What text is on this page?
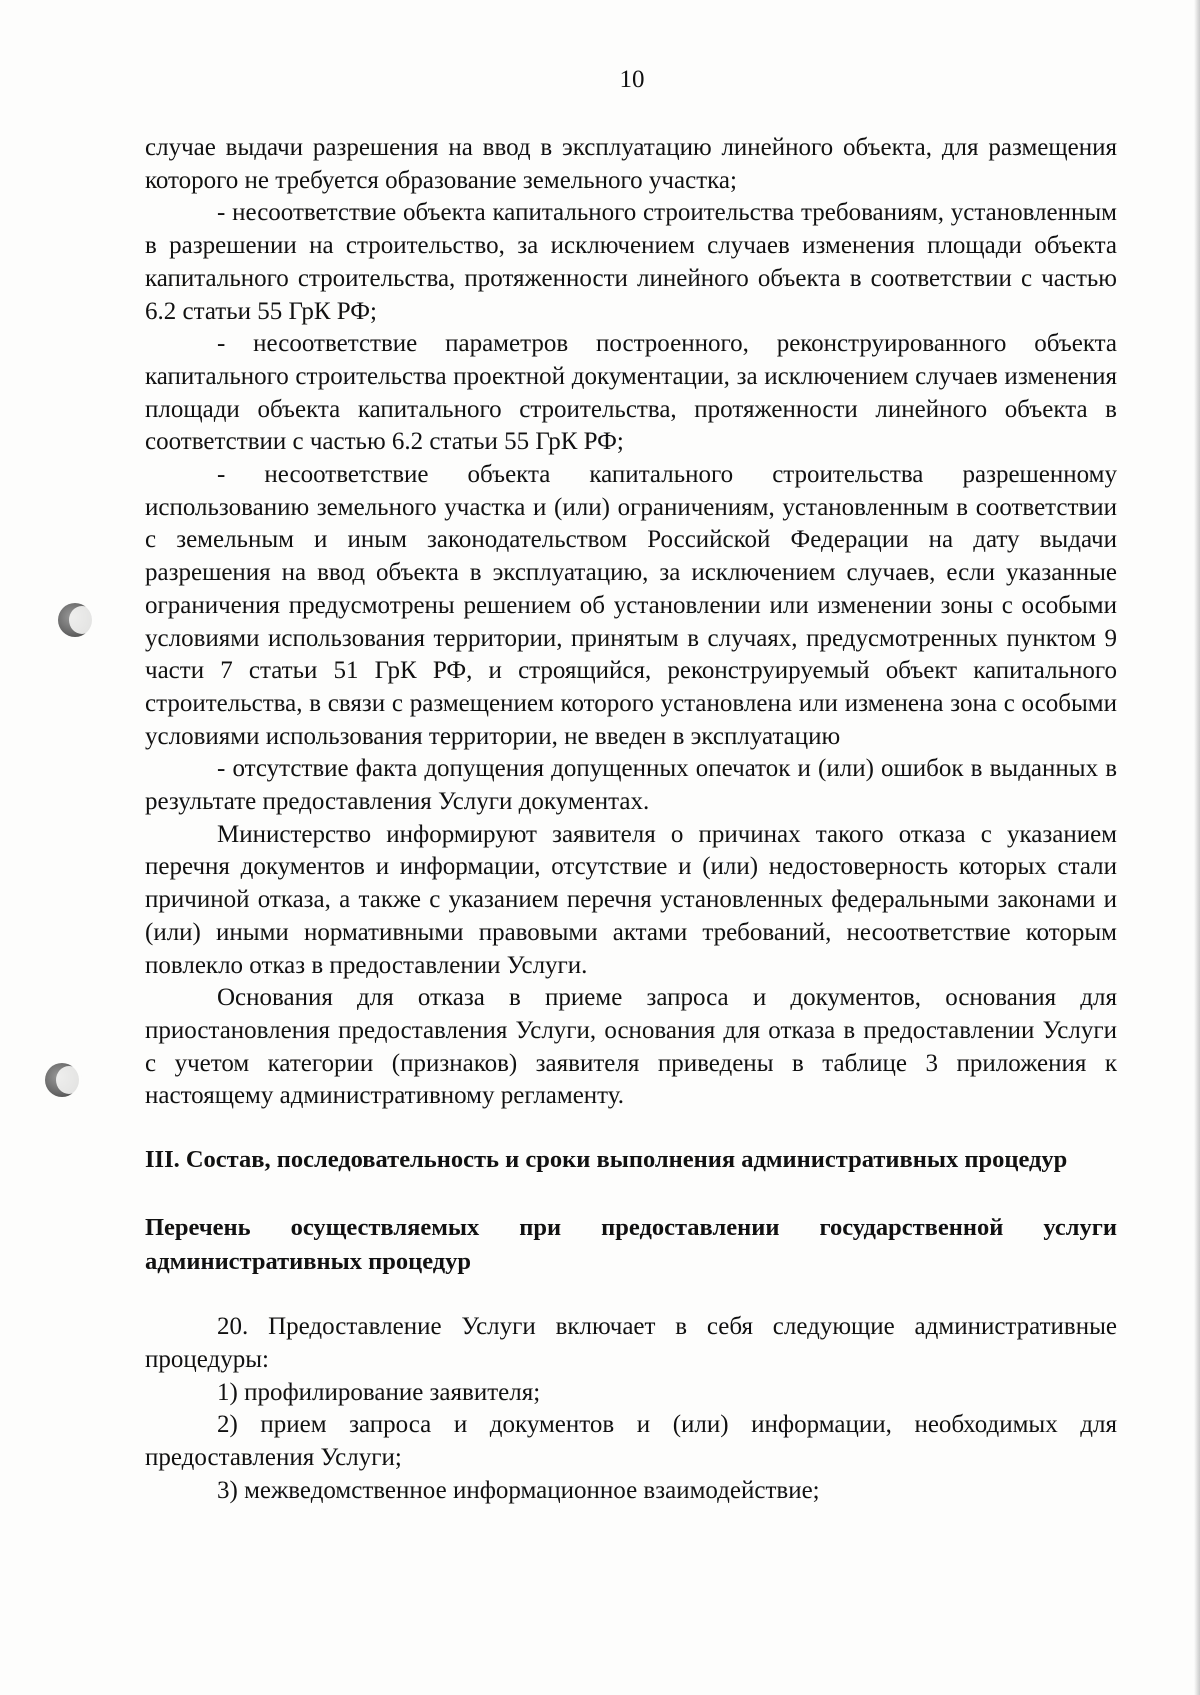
10

случае выдачи разрешения на ввод в эксплуатацию линейного объекта, для размещения которого не требуется образование земельного участка;

- несоответствие объекта капитального строительства требованиям, установленным в разрешении на строительство, за исключением случаев изменения площади объекта капитального строительства, протяженности линейного объекта в соответствии с частью 6.2 статьи 55 ГрК РФ;

- несоответствие параметров построенного, реконструированного объекта капитального строительства проектной документации, за исключением случаев изменения площади объекта капитального строительства, протяженности линейного объекта в соответствии с частью 6.2 статьи 55 ГрК РФ;

- несоответствие объекта капитального строительства разрешенному использованию земельного участка и (или) ограничениям, установленным в соответствии с земельным и иным законодательством Российской Федерации на дату выдачи разрешения на ввод объекта в эксплуатацию, за исключением случаев, если указанные ограничения предусмотрены решением об установлении или изменении зоны с особыми условиями использования территории, принятым в случаях, предусмотренных пунктом 9 части 7 статьи 51 ГрК РФ, и строящийся, реконструируемый объект капитального строительства, в связи с размещением которого установлена или изменена зона с особыми условиями использования территории, не введен в эксплуатацию

- отсутствие факта допущения допущенных опечаток и (или) ошибок в выданных в результате предоставления Услуги документах.

Министерство информируют заявителя о причинах такого отказа с указанием перечня документов и информации, отсутствие и (или) недостоверность которых стали причиной отказа, а также с указанием перечня установленных федеральными законами и (или) иными нормативными правовыми актами требований, несоответствие которым повлекло отказ в предоставлении Услуги.

Основания для отказа в приеме запроса и документов, основания для приостановления предоставления Услуги, основания для отказа в предоставлении Услуги с учетом категории (признаков) заявителя приведены в таблице 3 приложения к настоящему административному регламенту.

III. Состав, последовательность и сроки выполнения административных процедур

Перечень осуществляемых при предоставлении государственной услуги административных процедур

20. Предоставление Услуги включает в себя следующие административные процедуры:

1) профилирование заявителя;

2) прием запроса и документов и (или) информации, необходимых для предоставления Услуги;

3) межведомственное информационное взаимодействие;
